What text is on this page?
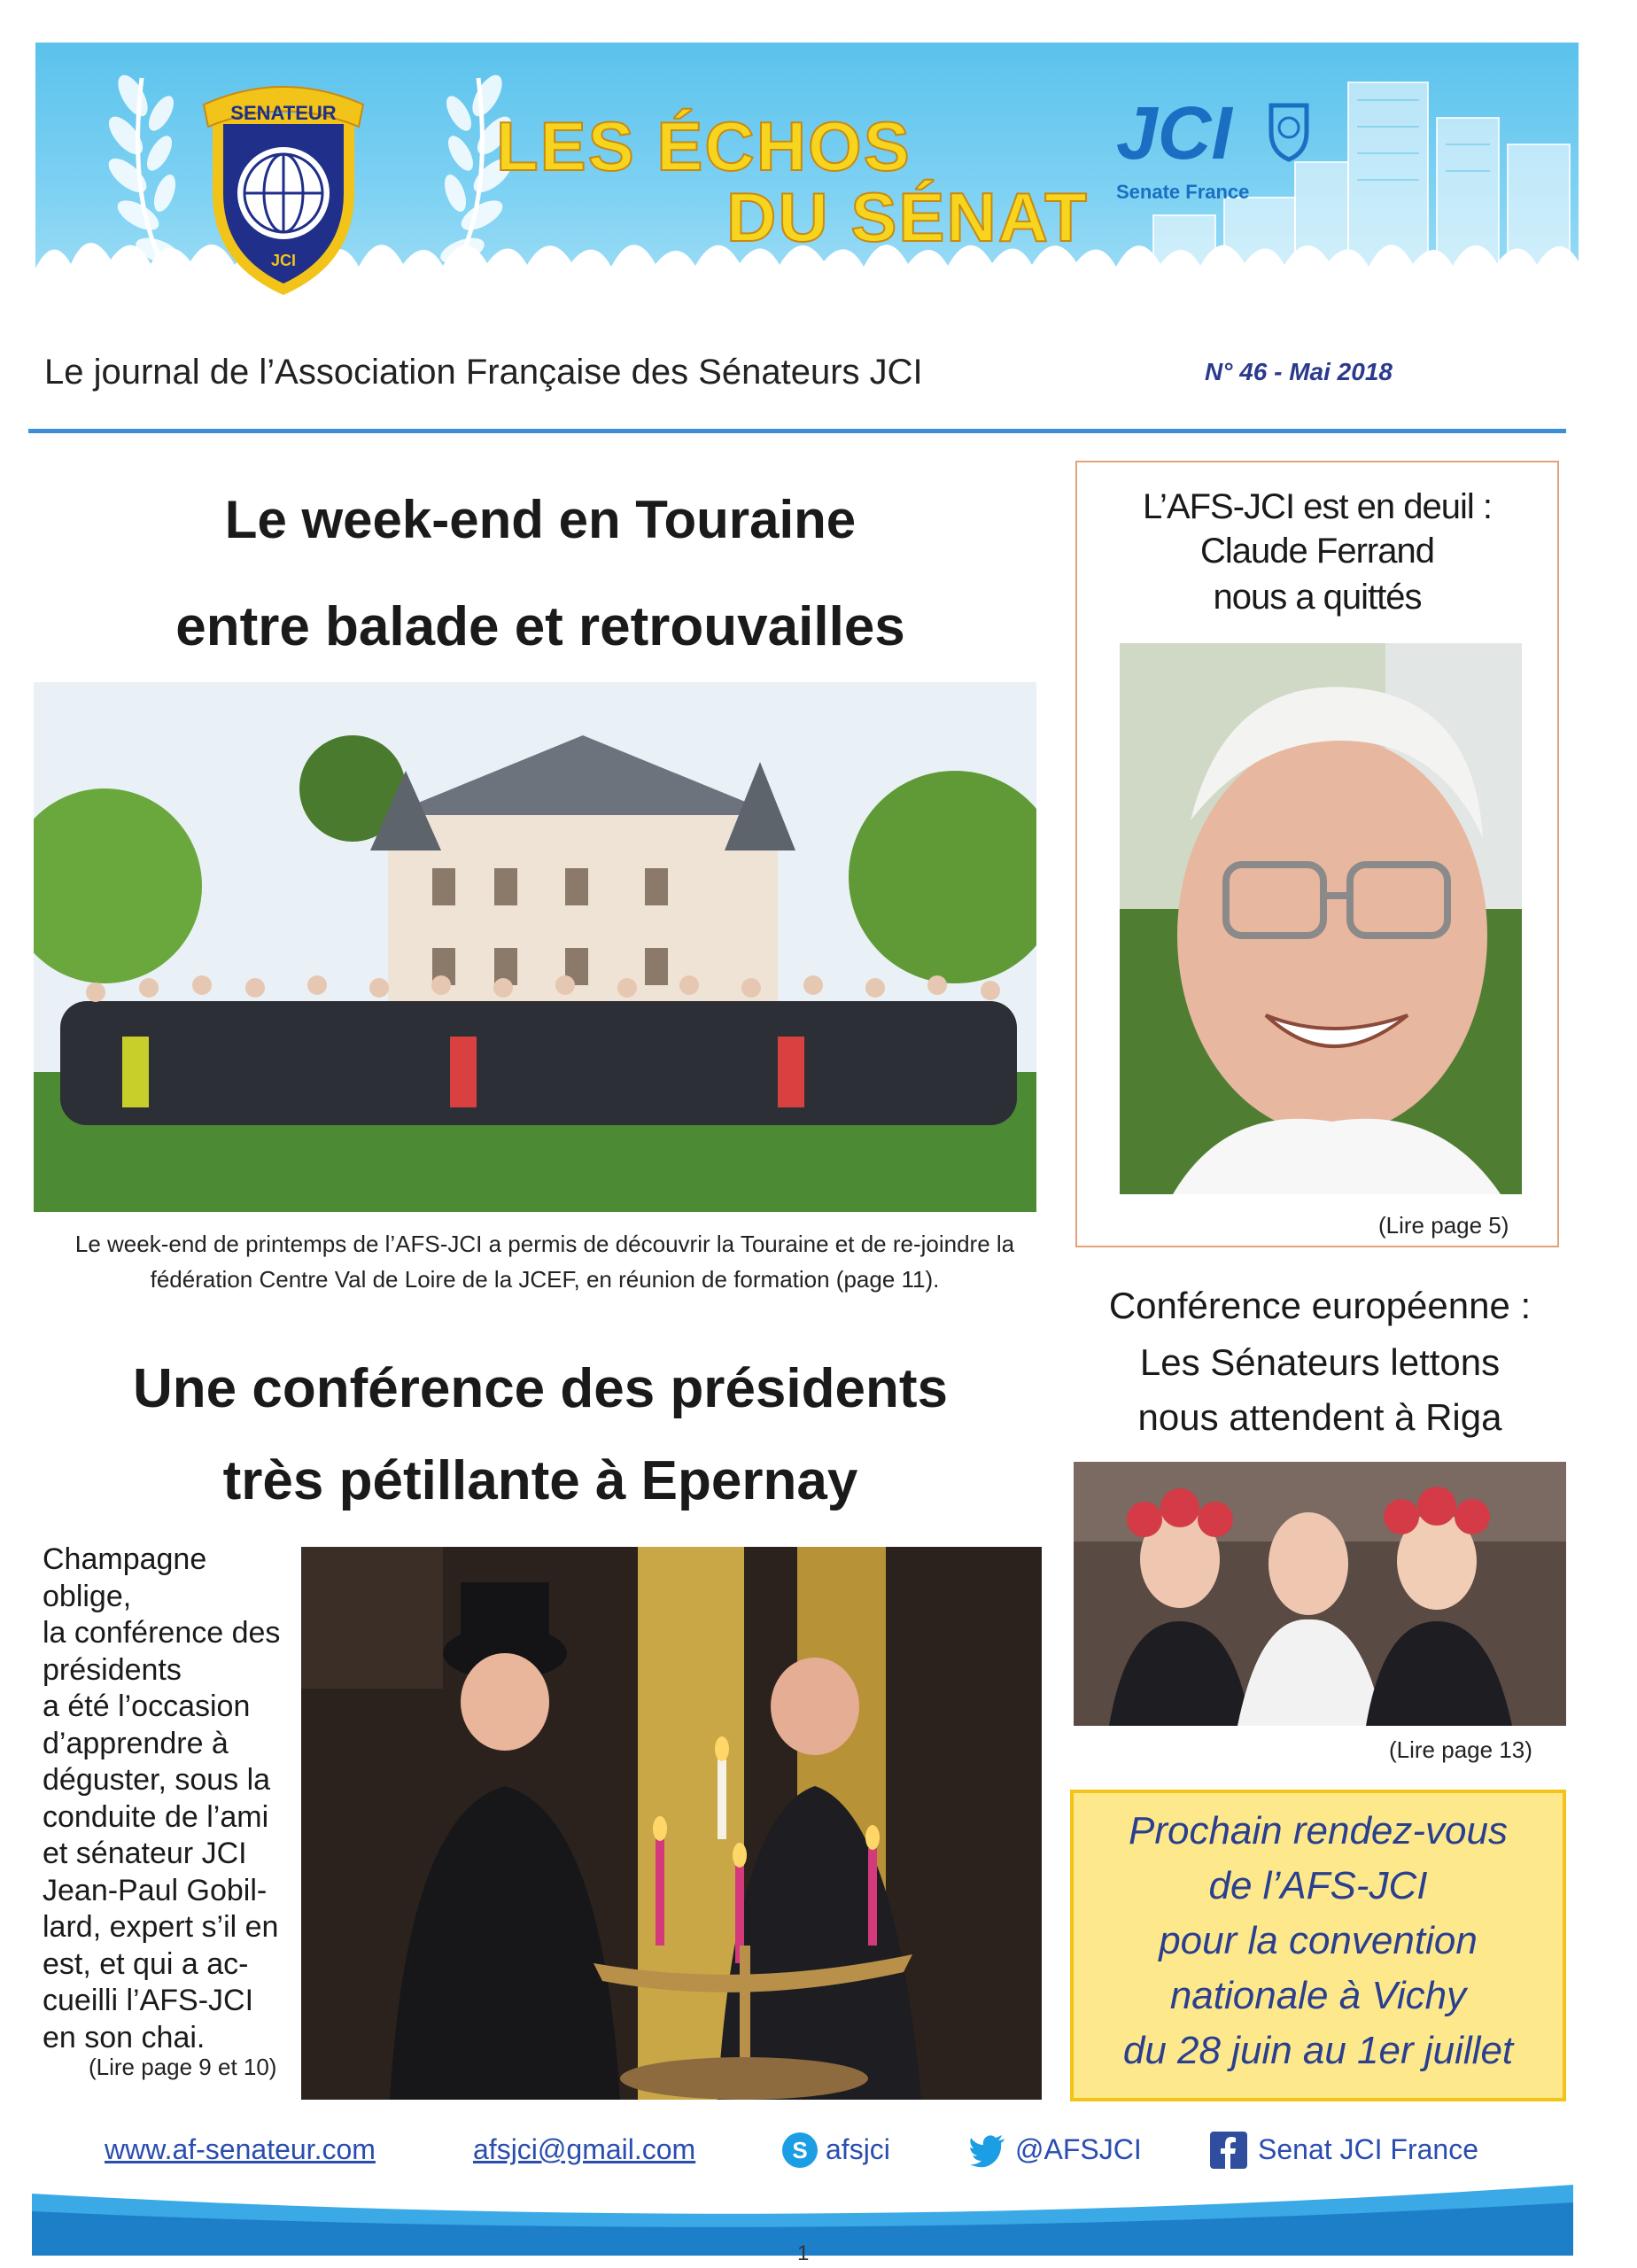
SENATEUR
JCI
LES ÉCHOS
DU SÉNAT
JCI
Senate France
Le journal de l’Association Française des Sénateurs JCI	N° 46 - Mai 2018
Le week-end en Touraine
entre balade et retrouvailles
Le week-end de printemps de l’AFS-JCI a permis de découvrir la Touraine et de re-joindre la fédération Centre Val de Loire de la JCEF, en réunion de formation (page 11).
L’AFS-JCI est en deuil :
Claude Ferrand
nous a quittés
(Lire page 5)
Conférence européenne :
Les Sénateurs lettons
nous attendent à Riga
(Lire page 13)
Prochain rendez-vous
de l’AFS-JCI
pour la convention
nationale à Vichy
du 28 juin au 1er juillet
Une conférence des présidents
très pétillante à Epernay
Champagne
oblige,
la conférence des
présidents
a été l’occasion
d’apprendre à
déguster, sous la
conduite de l’ami
et sénateur JCI
Jean-Paul Gobil-
lard, expert s’il en
est, et qui a ac-
cueilli l’AFS-JCI
en son chai.
(Lire page 9 et 10)
www.af-senateur.com	afsjci@gmail.com	S afsjci	@AFSJCI	Senat JCI France
1
